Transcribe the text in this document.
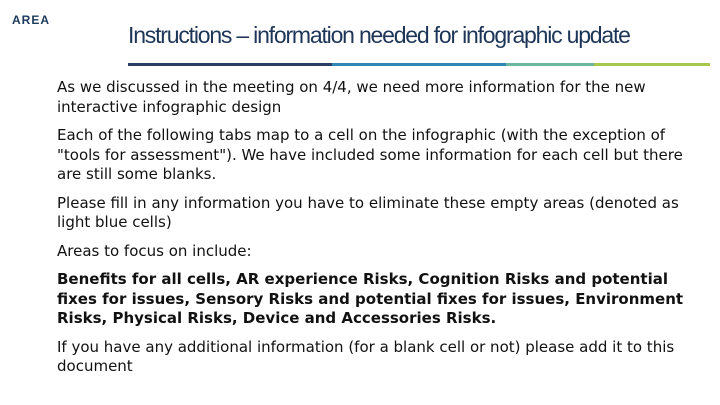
AREA
Instructions – information needed for infographic update

As we discussed in the meeting on 4/4, we need more information for the new interactive infographic design

Each of the following tabs map to a cell on the infographic (with the exception of "tools for assessment"). We have included some information for each cell but there are still some blanks.

Please fill in any information you have to eliminate these empty areas (denoted as light blue cells)

Areas to focus on include:

Benefits for all cells, AR experience Risks, Cognition Risks and potential fixes for issues, Sensory Risks and potential fixes for issues, Environment Risks, Physical Risks, Device and Accessories Risks.

If you have any additional information (for a blank cell or not) please add it to this document
